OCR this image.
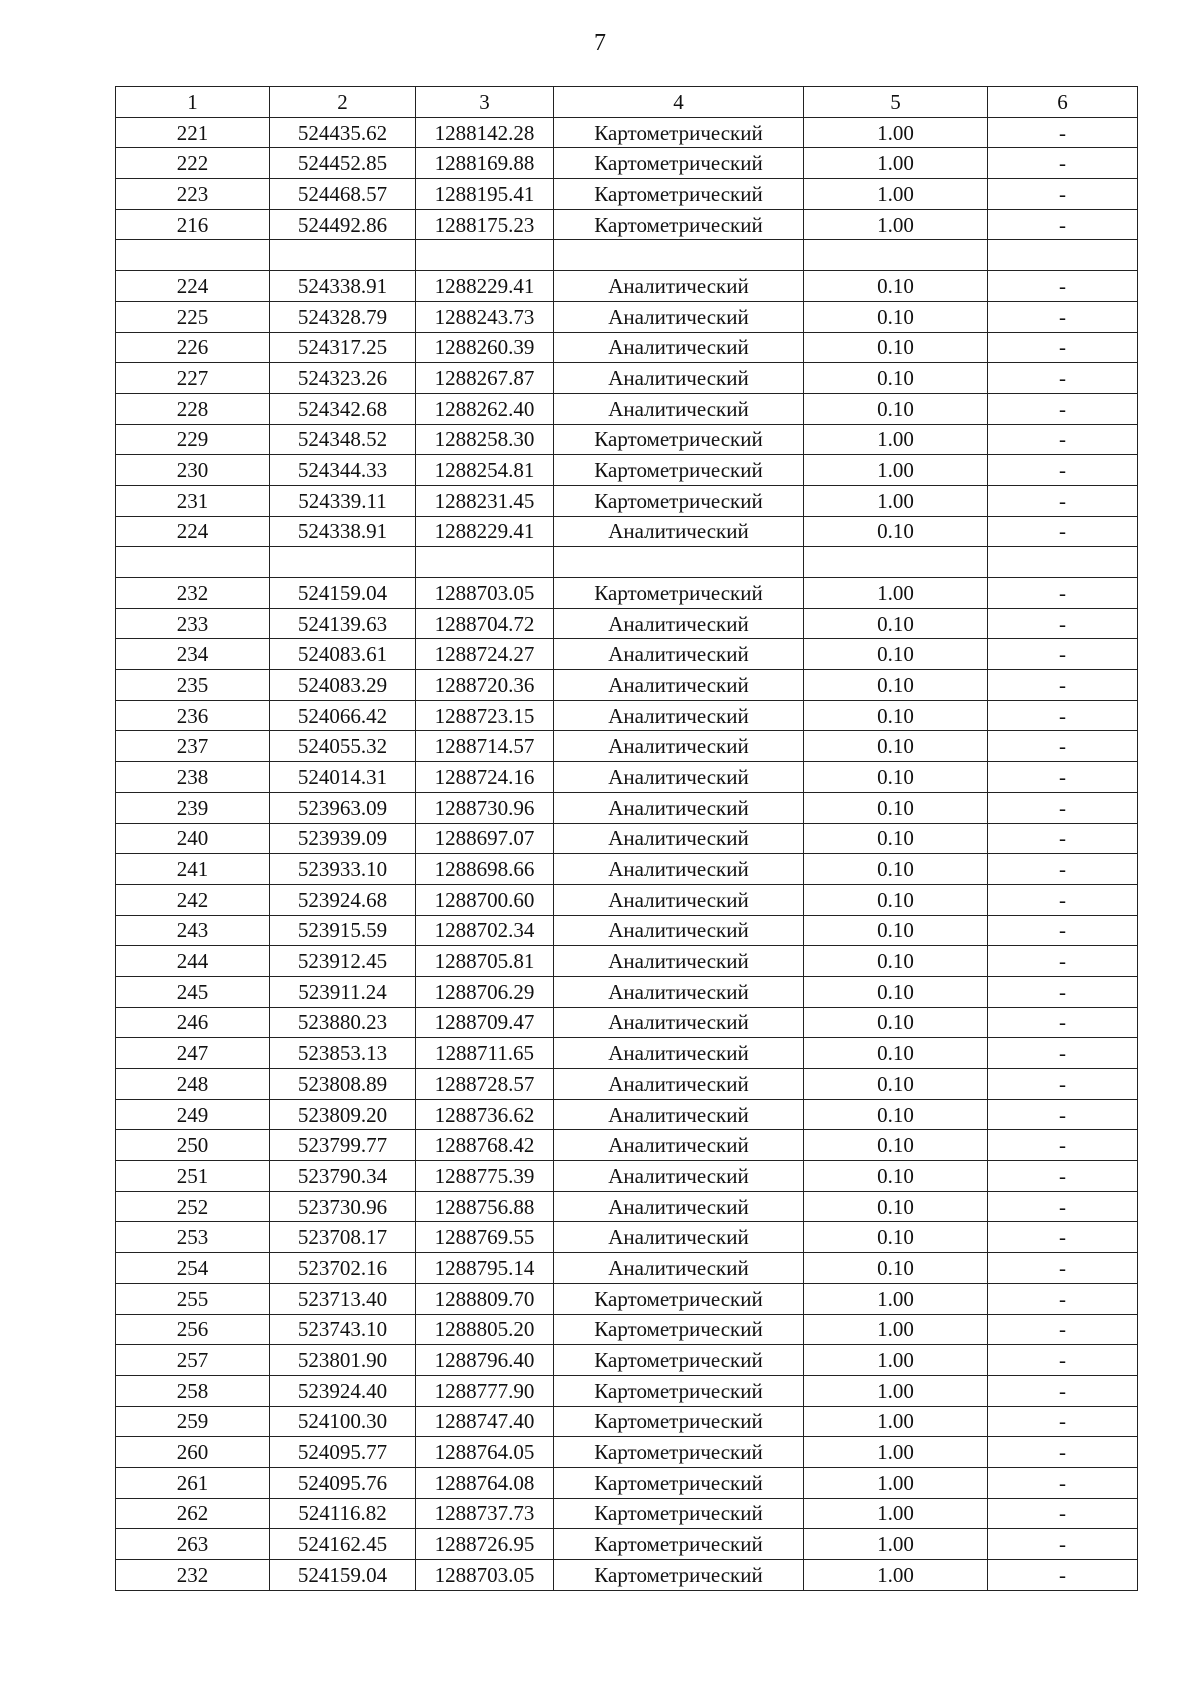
7
1	2	3	4	5	6
221	524435.62	1288142.28	Картометрический	1.00	-
222	524452.85	1288169.88	Картометрический	1.00	-
223	524468.57	1288195.41	Картометрический	1.00	-
216	524492.86	1288175.23	Картометрический	1.00	-

224	524338.91	1288229.41	Аналитический	0.10	-
225	524328.79	1288243.73	Аналитический	0.10	-
226	524317.25	1288260.39	Аналитический	0.10	-
227	524323.26	1288267.87	Аналитический	0.10	-
228	524342.68	1288262.40	Аналитический	0.10	-
229	524348.52	1288258.30	Картометрический	1.00	-
230	524344.33	1288254.81	Картометрический	1.00	-
231	524339.11	1288231.45	Картометрический	1.00	-
224	524338.91	1288229.41	Аналитический	0.10	-

232	524159.04	1288703.05	Картометрический	1.00	-
233	524139.63	1288704.72	Аналитический	0.10	-
234	524083.61	1288724.27	Аналитический	0.10	-
235	524083.29	1288720.36	Аналитический	0.10	-
236	524066.42	1288723.15	Аналитический	0.10	-
237	524055.32	1288714.57	Аналитический	0.10	-
238	524014.31	1288724.16	Аналитический	0.10	-
239	523963.09	1288730.96	Аналитический	0.10	-
240	523939.09	1288697.07	Аналитический	0.10	-
241	523933.10	1288698.66	Аналитический	0.10	-
242	523924.68	1288700.60	Аналитический	0.10	-
243	523915.59	1288702.34	Аналитический	0.10	-
244	523912.45	1288705.81	Аналитический	0.10	-
245	523911.24	1288706.29	Аналитический	0.10	-
246	523880.23	1288709.47	Аналитический	0.10	-
247	523853.13	1288711.65	Аналитический	0.10	-
248	523808.89	1288728.57	Аналитический	0.10	-
249	523809.20	1288736.62	Аналитический	0.10	-
250	523799.77	1288768.42	Аналитический	0.10	-
251	523790.34	1288775.39	Аналитический	0.10	-
252	523730.96	1288756.88	Аналитический	0.10	-
253	523708.17	1288769.55	Аналитический	0.10	-
254	523702.16	1288795.14	Аналитический	0.10	-
255	523713.40	1288809.70	Картометрический	1.00	-
256	523743.10	1288805.20	Картометрический	1.00	-
257	523801.90	1288796.40	Картометрический	1.00	-
258	523924.40	1288777.90	Картометрический	1.00	-
259	524100.30	1288747.40	Картометрический	1.00	-
260	524095.77	1288764.05	Картометрический	1.00	-
261	524095.76	1288764.08	Картометрический	1.00	-
262	524116.82	1288737.73	Картометрический	1.00	-
263	524162.45	1288726.95	Картометрический	1.00	-
232	524159.04	1288703.05	Картометрический	1.00	-
